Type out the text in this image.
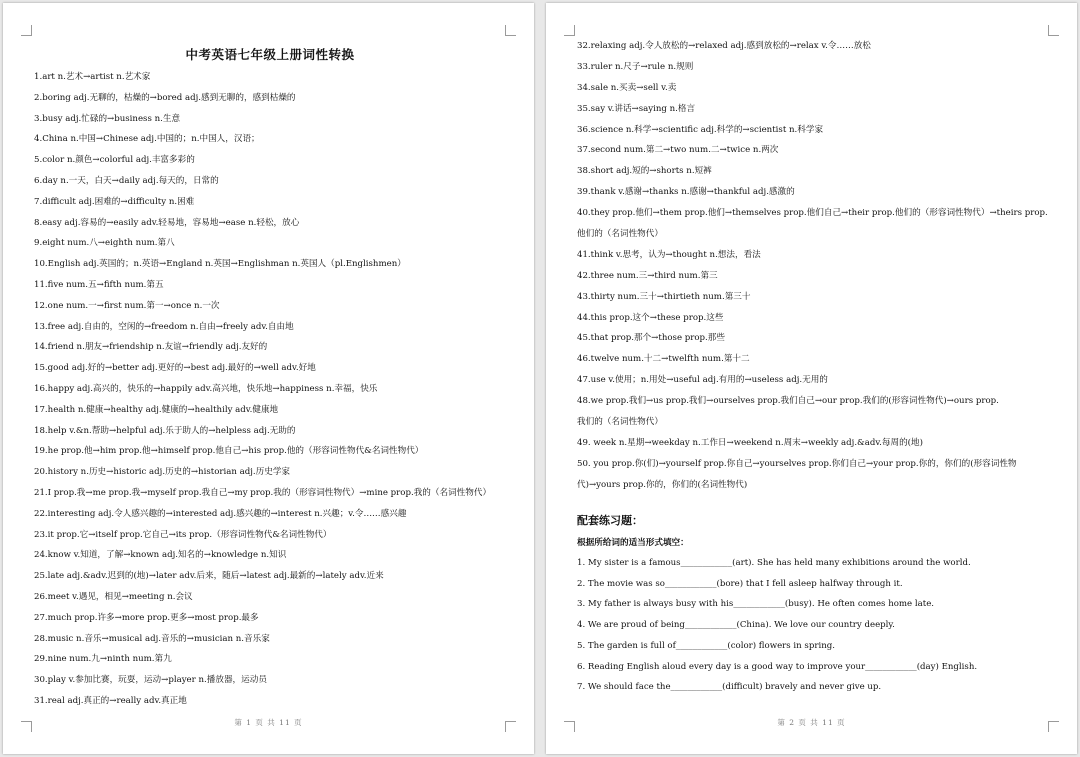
中考英语七年级上册词性转换
1.art n.艺术→artist n.艺术家
2.boring adj.无聊的，枯燥的→bored adj.感到无聊的，感到枯燥的
3.busy adj.忙碌的→business n.生意
4.China n.中国→Chinese adj.中国的；n.中国人，汉语；
5.color n.颜色→colorful adj.丰富多彩的
6.day n.一天，白天→daily adj.每天的，日常的
7.difficult adj.困难的→difficulty n.困难
8.easy adj.容易的→easily adv.轻易地，容易地→ease n.轻松，放心
9.eight num.八→eighth num.第八
10.English adj.英国的；n.英语→England n.英国→Englishman n.英国人（pl.Englishmen）
11.five num.五→fifth num.第五
12.one num.一→first num.第一→once n.一次
13.free adj.自由的，空闲的→freedom n.自由→freely adv.自由地
14.friend n.朋友→friendship n.友谊→friendly adj.友好的
15.good adj.好的→better adj.更好的→best adj.最好的→well adv.好地
16.happy adj.高兴的，快乐的→happily adv.高兴地，快乐地→happiness n.幸福，快乐
17.health n.健康→healthy adj.健康的→healthily adv.健康地
18.help v.&n.帮助→helpful adj.乐于助人的→helpless adj.无助的
19.he prop.他→him prop.他→himself prop.他自己→his prop.他的（形容词性物代&名词性物代）
20.history n.历史→historic adj.历史的→historian adj.历史学家
21.I prop.我→me prop.我→myself prop.我自己→my prop.我的（形容词性物代）→mine prop.我的（名词性物代）
22.interesting adj.令人感兴趣的→interested adj.感兴趣的→interest n.兴趣；v.令……感兴趣
23.it prop.它→itself prop.它自己→its prop.（形容词性物代&名词性物代）
24.know v.知道，了解→known adj.知名的→knowledge n.知识
25.late adj.&adv.迟到的(地)→later adv.后来，随后→latest adj.最新的→lately adv.近来
26.meet v.遇见，相见→meeting n.会议
27.much prop.许多→more prop.更多→most prop.最多
28.music n.音乐→musical adj.音乐的→musician n.音乐家
29.nine num.九→ninth num.第九
30.play v.参加比赛，玩耍，运动→player n.播放器，运动员
31.real adj.真正的→really adv.真正地
第 1 页 共 11 页
32.relaxing adj.令人放松的→relaxed adj.感到放松的→relax v.令……放松
33.ruler n.尺子→rule n.规则
34.sale n.买卖→sell v.卖
35.say v.讲话→saying n.格言
36.science n.科学→scientific adj.科学的→scientist n.科学家
37.second num.第二→two num.二→twice n.两次
38.short adj.短的→shorts n.短裤
39.thank v.感谢→thanks n.感谢→thankful adj.感激的
40.they prop.他们→them prop.他们→themselves prop.他们自己→their prop.他们的（形容词性物代）→theirs prop.
他们的（名词性物代）
41.think v.思考，认为→thought n.想法，看法
42.three num.三→third num.第三
43.thirty num.三十→thirtieth num.第三十
44.this prop.这个→these prop.这些
45.that prop.那个→those prop.那些
46.twelve num.十二→twelfth num.第十二
47.use v.使用；n.用处→useful adj.有用的→useless adj.无用的
48.we prop.我们→us prop.我们→ourselves prop.我们自己→our prop.我们的(形容词性物代)→ours prop.
我们的（名词性物代）
49. week n.星期→weekday n.工作日→weekend n.周末→weekly adj.&adv.每周的(地)
50. you prop.你(们)→yourself prop.你自己→yourselves prop.你们自己→your prop.你的，你们的(形容词性物
代)→yours prop.你的，你们的(名词性物代)
配套练习题：
根据所给词的适当形式填空：
1. My sister is a famous____________(art). She has held many exhibitions around the world.
2. The movie was so____________(bore) that I fell asleep halfway through it.
3. My father is always busy with his____________(busy). He often comes home late.
4. We are proud of being____________(China). We love our country deeply.
5. The garden is full of____________(color) flowers in spring.
6. Reading English aloud every day is a good way to improve your____________(day) English.
7. We should face the____________(difficult) bravely and never give up.
第 2 页 共 11 页
